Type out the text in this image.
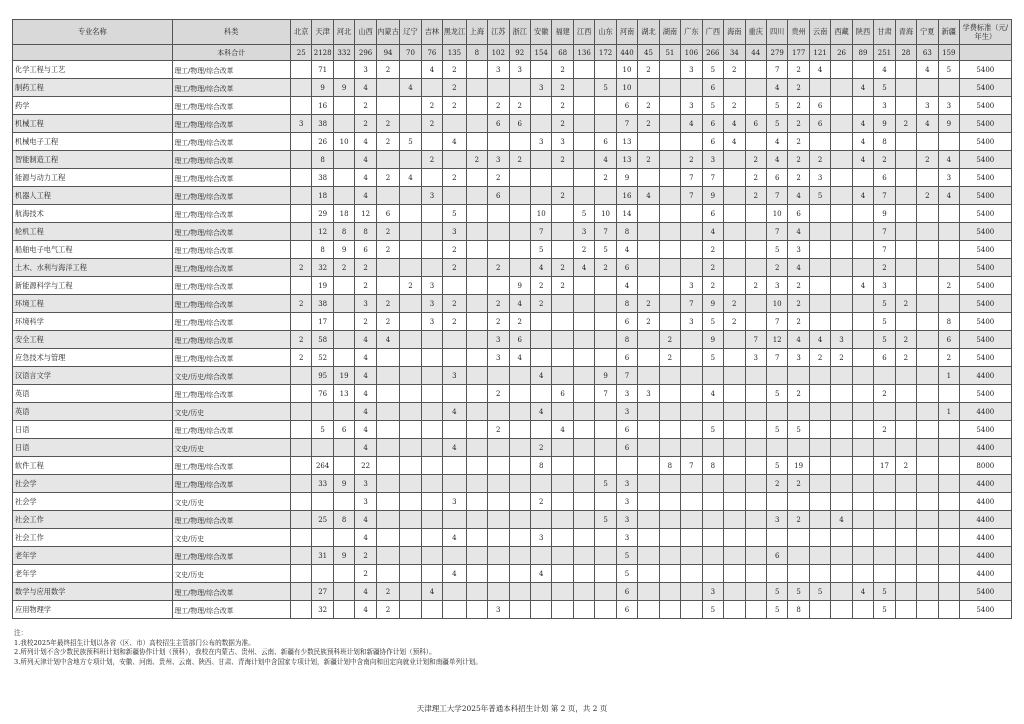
专业名称	科类	北京	天津	河北	山西	内蒙古	辽宁	吉林	黑龙江	上海	江苏	浙江	安徽	福建	江西	山东	河南	湖北	湖南	广东	广西	海南	重庆	四川	贵州	云南	西藏	陕西	甘肃	青海	宁夏	新疆	学费标准（元/年生）
	本科合计	25	2128	332	296	94	70	76	135	8	102	92	154	68	136	172	440	45	51	106	266	34	44	279	177	121	26	89	251	28	63	159	
化学工程与工艺	理工/物理/综合改革		71		3	2		4	2		3	3		2			10	2		3	5	2		7	2	4			4		4	5	5400
制药工程	理工/物理/综合改革		9	9	4		4		2				3	2		5	10				6			4	2			4	5				5400
药学	理工/物理/综合改革		16		2			2	2		2	2		2			6	2		3	5	2		5	2	6			3		3	3	5400
机械工程	理工/物理/综合改革	3	38		2	2		2			6	6		2			7	2		4	6	4	6	5	2	6		4	9	2	4	9	5400
机械电子工程	理工/物理/综合改革		26	10	4	2	5		4				3	3		6	13				6	4		4	2			4	8				5400
智能制造工程	理工/物理/综合改革		8		4			2		2	3	2		2		4	13	2		2	3		2	4	2	2		4	2		2	4	5400
能源与动力工程	理工/物理/综合改革		38		4	2	4		2		2					2	9			7	7		2	6	2	3			6			3	5400
机器人工程	理工/物理/综合改革		18		4			3			6			2			16	4		7	9		2	7	4	5		4	7		2	4	5400
航海技术	理工/物理/综合改革		29	18	12	6			5				10		5	10	14				6			10	6				9				5400
轮机工程	理工/物理/综合改革		12	8	8	2			3				7		3	7	8				4			7	4				7				5400
船舶电子电气工程	理工/物理/综合改革		8	9	6	2			2				5		2	5	4				2			5	3				7				5400
土木、水利与海洋工程	理工/物理/综合改革	2	32	2	2				2		2		4	2	4	2	6				2			2	4				2				5400
新能源科学与工程	理工/物理/综合改革		19		2		2	3				9	2	2			4			3	2		2	3	2			4	3			2	5400
环境工程	理工/物理/综合改革	2	38		3	2		3	2		2	4	2				8	2		7	9	2		10	2				5	2			5400
环境科学	理工/物理/综合改革		17		2	2		3	2		2	2					6	2		3	5	2		7	2				5			8	5400
安全工程	理工/物理/综合改革	2	58		4	4					3	6					8		2		9		7	12	4	4	3		5	2		6	5400
应急技术与管理	理工/物理/综合改革	2	52		4						3	4					6		2		5		3	7	3	2	2		6	2		2	5400
汉语言文学	文史/历史/综合改革		95	19	4				3				4			9	7															1	4400
英语	理工/物理/综合改革		76	13	4						2			6		7	3	3			4			5	2				2				5400
英语	文史/历史				4				4				4				3															1	4400
日语	理工/物理/综合改革		5	6	4						2			4			6				5			5	5				2				5400
日语	文史/历史				4				4				2				6																4400
软件工程	理工/物理/综合改革		264		22								8						8	7	8			5	19				17	2			8000
社会学	理工/物理/综合改革		33	9	3											5	3							2	2								4400
社会学	文史/历史				3				3				2				3																4400
社会工作	理工/物理/综合改革		25	8	4											5	3							3	2		4						4400
社会工作	文史/历史				4				4				3				3																4400
老年学	理工/物理/综合改革		31	9	2												5							6									4400
老年学	文史/历史				2				4				4				5																4400
数学与应用数学	理工/物理/综合改革		27		4	2		4									6				3			5	5	5		4	5				5400
应用物理学	理工/物理/综合改革		32		4	2					3						6				5			5	8				5				5400
注：
1.我校2025年最终招生计划以各省（区、市）高校招生主管部门公布的数据为准。
2.所列计划不含少数民族预科班计划和新疆协作计划（预科），我校在内蒙古、贵州、云南、新疆有少数民族预科班计划和新疆协作计划（预科）。
3.所列天津计划中含地方专项计划，安徽、河南、贵州、云南、陕西、甘肃、青海计划中含国家专项计划，新疆计划中含南向和田定向就业计划和南疆单列计划。
天津理工大学2025年普通本科招生计划 第 2 页，共 2 页
